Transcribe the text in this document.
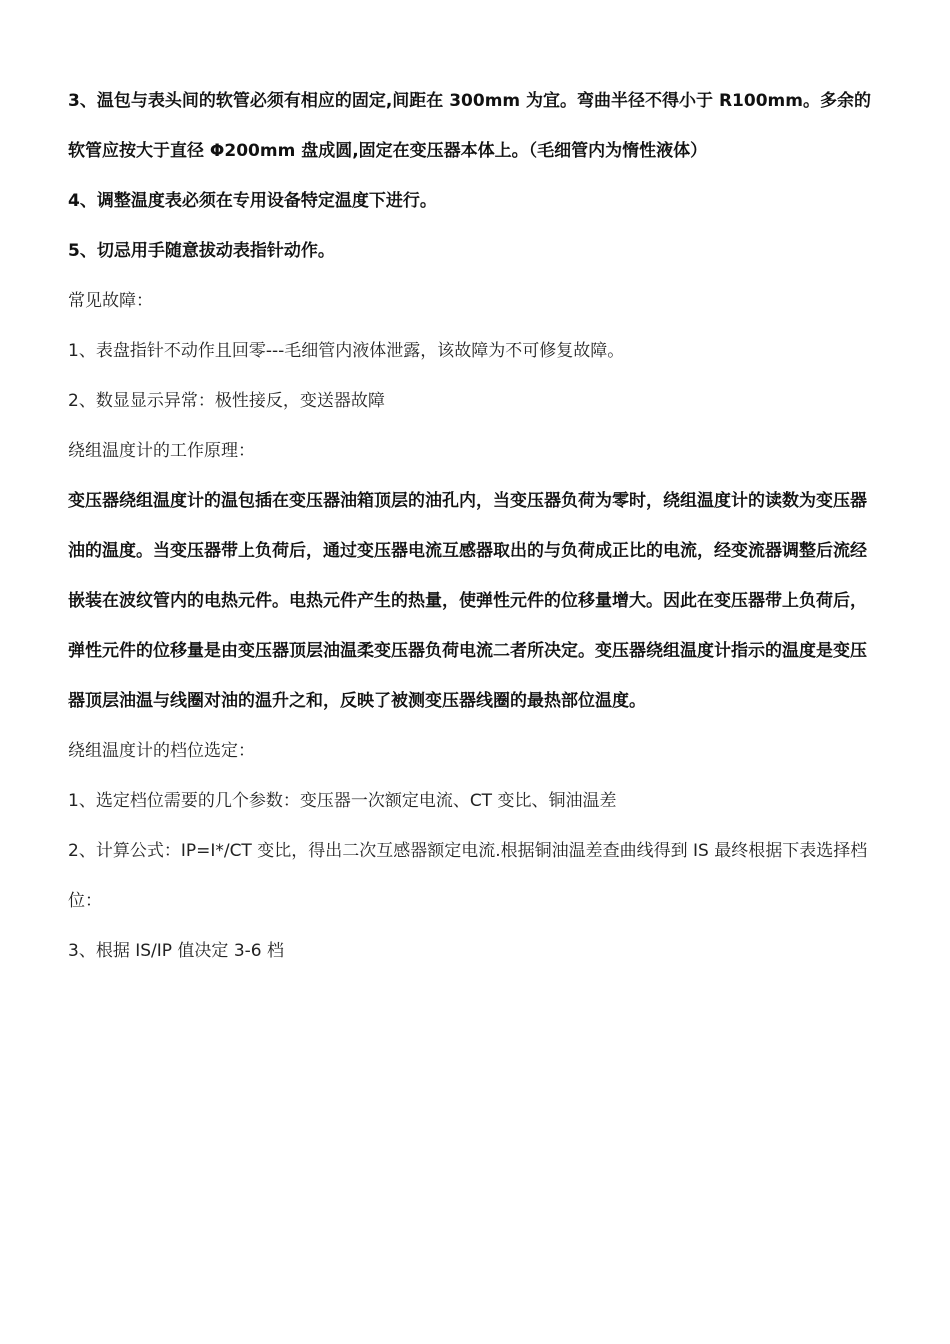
3、温包与表头间的软管必须有相应的固定,间距在 300mm 为宜。弯曲半径不得小于 R100mm。多余的软管应按大于直径 Φ200mm 盘成圆,固定在变压器本体上。（毛细管内为惰性液体）

4、调整温度表必须在专用设备特定温度下进行。

5、切忌用手随意拔动表指针动作。

常见故障：

1、表盘指针不动作且回零---毛细管内液体泄露，该故障为不可修复故障。

2、数显显示异常：极性接反，变送器故障

绕组温度计的工作原理：

变压器绕组温度计的温包插在变压器油箱顶层的油孔内，当变压器负荷为零时，绕组温度计的读数为变压器油的温度。当变压器带上负荷后，通过变压器电流互感器取出的与负荷成正比的电流，经变流器调整后流经嵌装在波纹管内的电热元件。电热元件产生的热量，使弹性元件的位移量增大。因此在变压器带上负荷后，弹性元件的位移量是由变压器顶层油温柔变压器负荷电流二者所决定。变压器绕组温度计指示的温度是变压器顶层油温与线圈对油的温升之和，反映了被测变压器线圈的最热部位温度。

绕组温度计的档位选定：

1、选定档位需要的几个参数：变压器一次额定电流、CT 变比、铜油温差

2、计算公式：IP=I*/CT 变比，得出二次互感器额定电流.根据铜油温差查曲线得到 IS 最终根据下表选择档位：

3、根据 IS/IP 值决定 3-6 档
